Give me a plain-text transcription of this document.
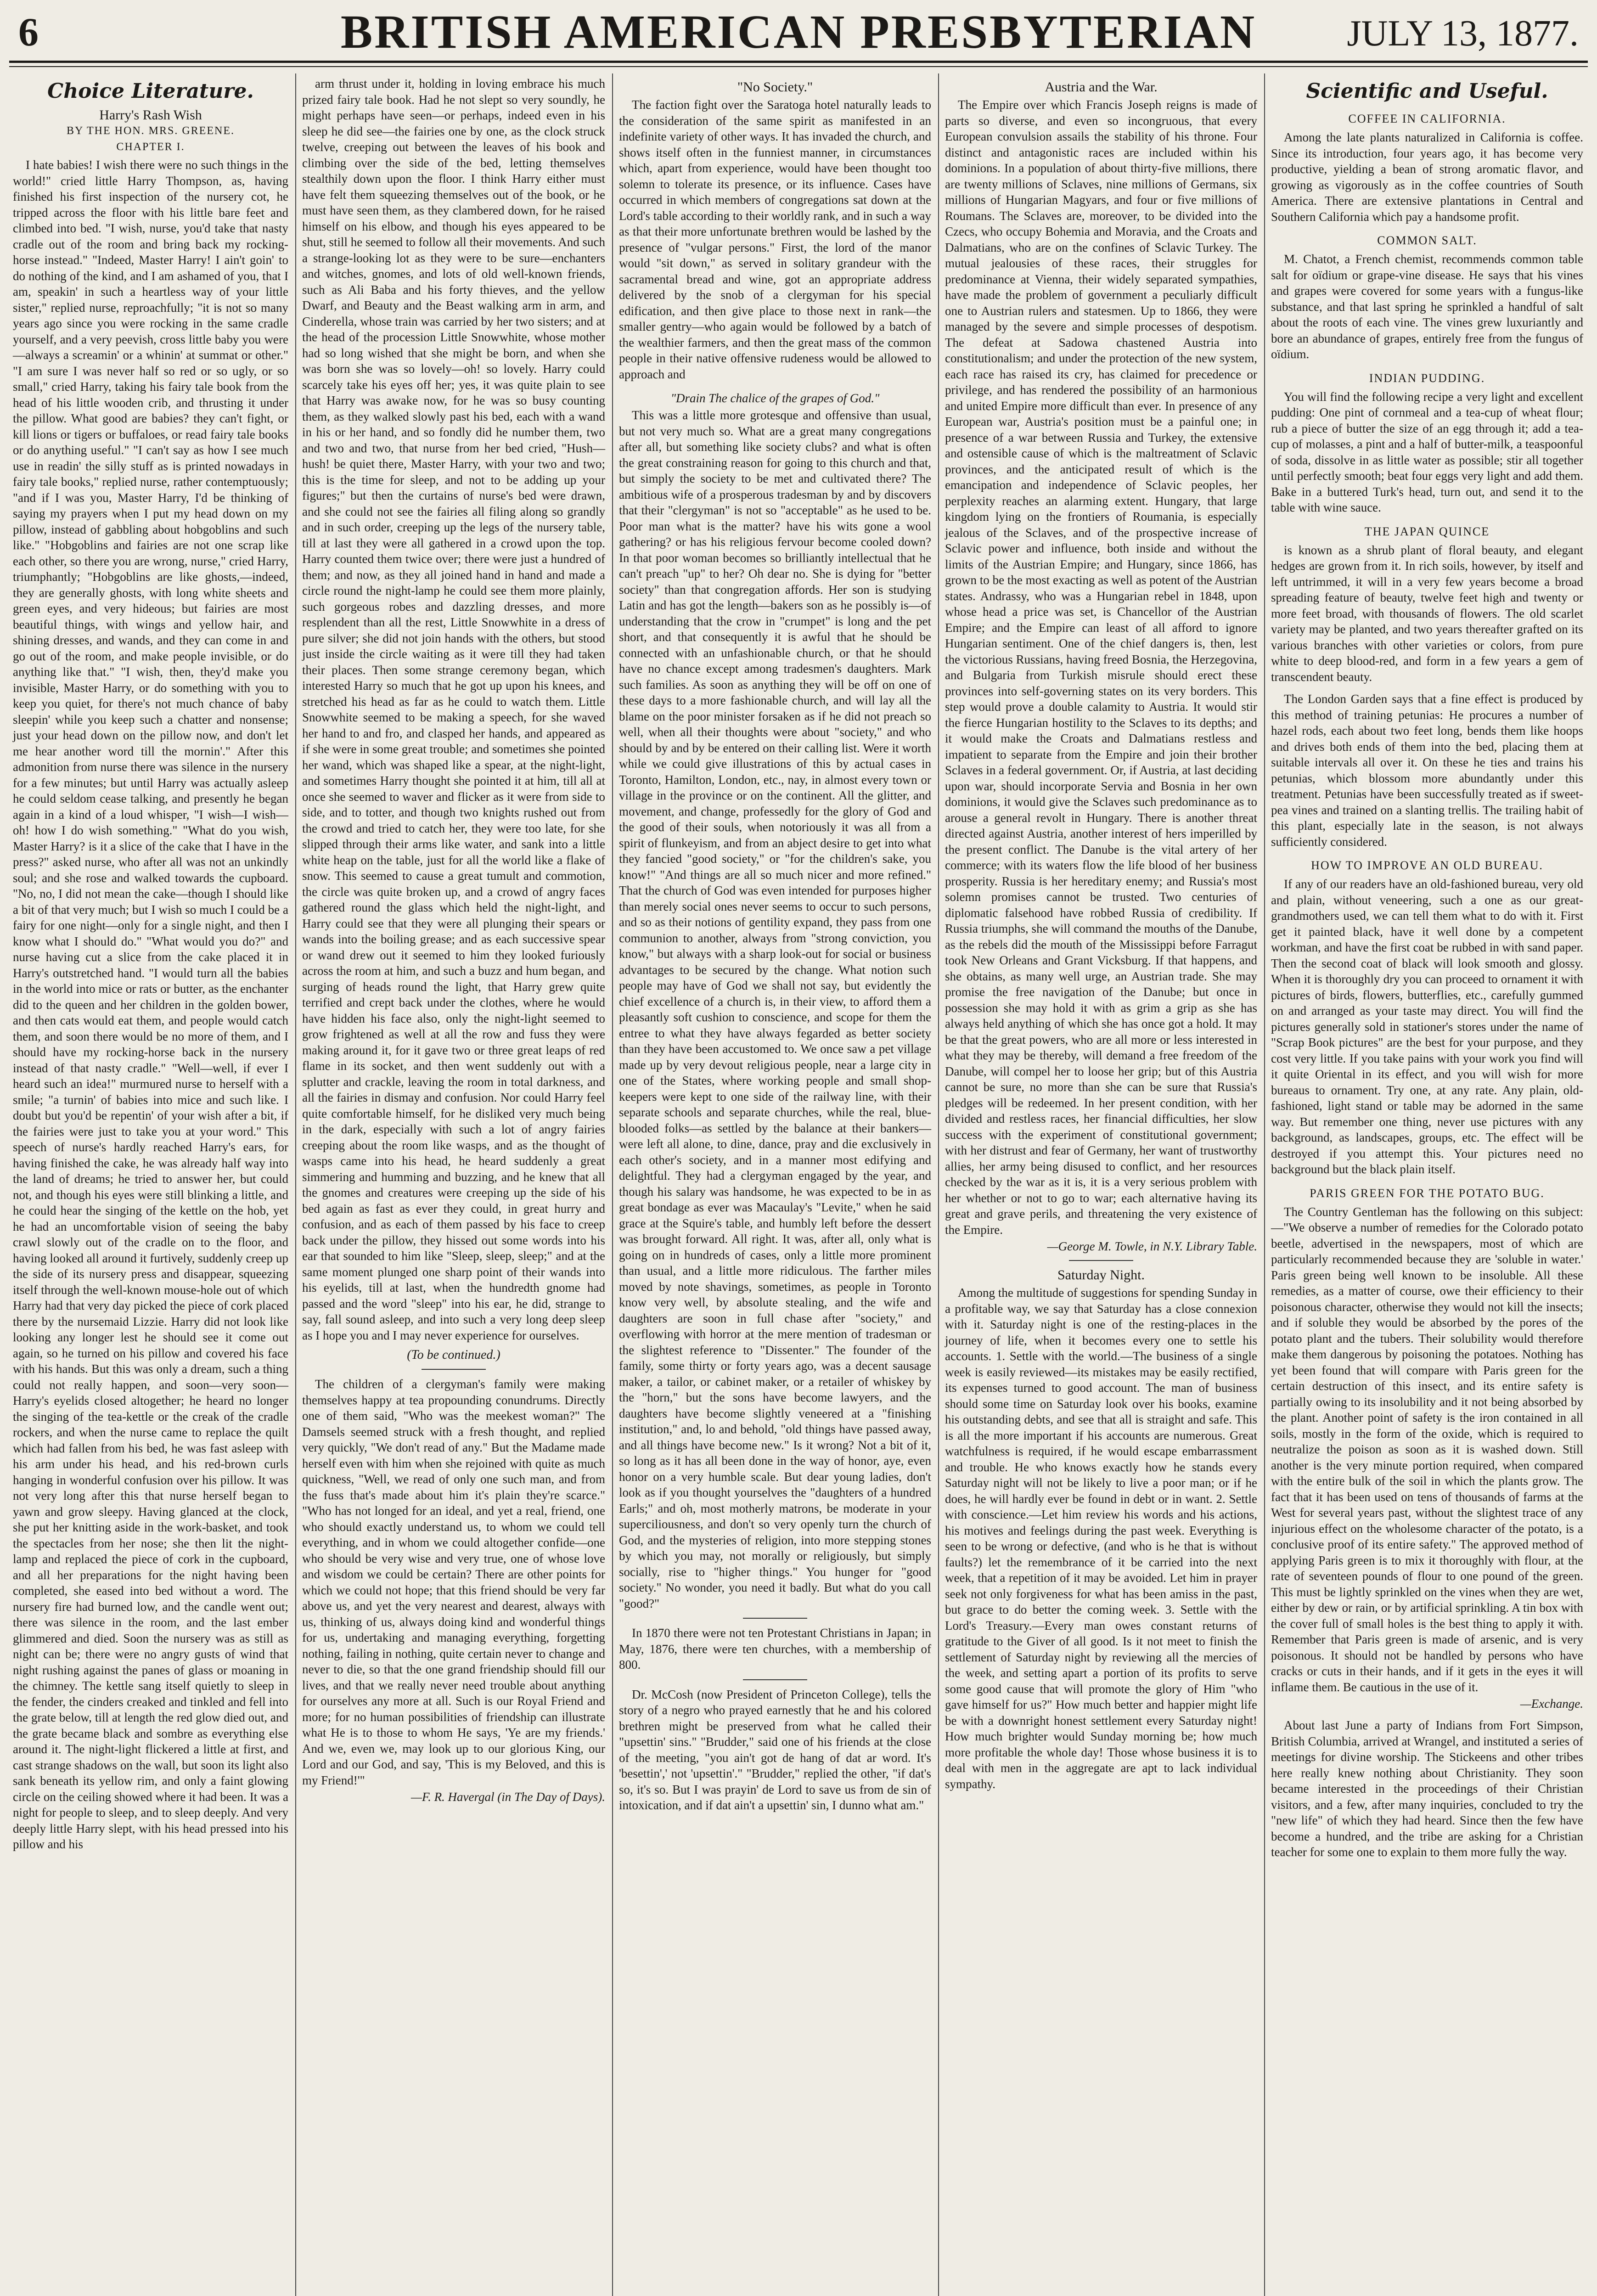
6	BRITISH AMERICAN PRESBYTERIAN	JULY 13, 1877.
Choice Literature.
Harry's Rash Wish
BY THE HON. MRS. GREENE.
CHAPTER I.

I hate babies! I wish there were no such things in the world!" cried little Harry Thompson, as, having finished his first inspection of the nursery cot, he tripped across the floor with his little bare feet and climbed into bed. "I wish, nurse, you'd take that nasty cradle out of the room and bring back my rocking-horse instead." "Indeed, Master Harry! I ain't goin' to do nothing of the kind, and I am ashamed of you, that I am, speakin' in such a heartless way of your little sister," replied nurse, reproachfully; "it is not so many years ago since you were rocking in the same cradle yourself, and a very peevish, cross little baby you were—always a screamin' or a whinin' at summat or other." "I am sure I was never half so red or so ugly, or so small," cried Harry, taking his fairy tale book from the head of his little wooden crib, and thrusting it under the pillow. What good are babies? they can't fight, or kill lions or tigers or buffaloes, or read fairy tale books or do anything useful." "I can't say as how I see much use in readin' the silly stuff as is printed nowadays in fairy tale books," replied nurse, rather contemptuously; "and if I was you, Master Harry, I'd be thinking of saying my prayers when I put my head down on my pillow, instead of gabbling about hobgoblins and such like." "Hobgoblins and fairies are not one scrap like each other, so there you are wrong, nurse," cried Harry, triumphantly; "Hobgoblins are like ghosts,—indeed, they are generally ghosts, with long white sheets and green eyes, and very hideous; but fairies are most beautiful things, with wings and yellow hair, and shining dresses, and wands, and they can come in and go out of the room, and make people invisible, or do anything like that." "I wish, then, they'd make you invisible, Master Harry, or do something with you to keep you quiet, for there's not much chance of baby sleepin' while you keep such a chatter and nonsense; just your head down on the pillow now, and don't let me hear another word till the mornin'." After this admonition from nurse there was silence in the nursery for a few minutes; but until Harry was actually asleep he could seldom cease talking, and presently he began again in a kind of a loud whisper, "I wish—I wish—oh! how I do wish something." "What do you wish, Master Harry? is it a slice of the cake that I have in the press?" asked nurse, who after all was not an unkindly soul; and she rose and walked towards the cupboard. "No, no, I did not mean the cake—though I should like a bit of that very much; but I wish so much I could be a fairy for one night—only for a single night, and then I know what I should do." "What would you do?" and nurse having cut a slice from the cake placed it in Harry's outstretched hand. "I would turn all the babies in the world into mice or rats or butter, as the enchanter did to the queen and her children in the golden bower, and then cats would eat them, and people would catch them, and soon there would be no more of them, and I should have my rocking-horse back in the nursery instead of that nasty cradle." "Well—well, if ever I heard such an idea!" murmured nurse to herself with a smile; "a turnin' of babies into mice and such like. I doubt but you'd be repentin' of your wish after a bit, if the fairies were just to take you at your word." This speech of nurse's hardly reached Harry's ears, for having finished the cake, he was already half way into the land of dreams; he tried to answer her, but could not, and though his eyes were still blinking a little, and he could hear the singing of the kettle on the hob, yet he had an uncomfortable vision of seeing the baby crawl slowly out of the cradle on to the floor, and having looked all around it furtively, suddenly creep up the side of its nursery press and disappear, squeezing itself through the well-known mouse-hole out of which Harry had that very day picked the piece of cork placed there by the nursemaid Lizzie. Harry did not look like looking any longer lest he should see it come out again, so he turned on his pillow and covered his face with his hands. But this was only a dream, such a thing could not really happen, and soon—very soon—Harry's eyelids closed altogether; he heard no longer the singing of the tea-kettle or the creak of the cradle rockers, and when the nurse came to replace the quilt which had fallen from his bed, he was fast asleep with his arm under his head, and his red-brown curls hanging in wonderful confusion over his pillow. It was not very long after this that nurse herself began to yawn and grow sleepy. Having glanced at the clock, she put her knitting aside in the work-basket, and took the spectacles from her nose; she then lit the night-lamp and replaced the piece of cork in the cupboard, and all her preparations for the night having been completed, she eased into bed without a word. The nursery fire had burned low, and the candle went out; there was silence in the room, and the last ember glimmered and died. Soon the nursery was as still as night can be; there were no angry gusts of wind that night rushing against the panes of glass or moaning in the chimney. The kettle sang itself quietly to sleep in the fender, the cinders creaked and tinkled and fell into the grate below, till at length the red glow died out, and the grate became black and sombre as everything else around it. The night-light flickered a little at first, and cast strange shadows on the wall, but soon its light also sank beneath its yellow rim, and only a faint glowing circle on the ceiling showed where it had been. It was a night for people to sleep, and to sleep deeply. And very deeply little Harry slept, with his head pressed into his pillow and his

arm thrust under it, holding in loving embrace his much prized fairy tale book. Had he not slept so very soundly, he might perhaps have seen—or perhaps, indeed even in his sleep he did see—the fairies one by one, as the clock struck twelve, creeping out between the leaves of his book and climbing over the side of the bed, letting themselves stealthily down upon the floor. I think Harry either must have felt them squeezing themselves out of the book, or he must have seen them, as they clambered down, for he raised himself on his elbow, and though his eyes appeared to be shut, still he seemed to follow all their movements. And such a strange-looking lot as they were to be sure—enchanters and witches, gnomes, and lots of old well-known friends, such as Ali Baba and his forty thieves, and the yellow Dwarf, and Beauty and the Beast walking arm in arm, and Cinderella, whose train was carried by her two sisters; and at the head of the procession Little Snowwhite, whose mother had so long wished that she might be born, and when she was born she was so lovely—oh! so lovely. Harry could scarcely take his eyes off her; yes, it was quite plain to see that Harry was awake now, for he was so busy counting them, as they walked slowly past his bed, each with a wand in his or her hand, and so fondly did he number them, two and two and two, that nurse from her bed cried, "Hush—hush! be quiet there, Master Harry, with your two and two; this is the time for sleep, and not to be adding up your figures;" but then the curtains of nurse's bed were drawn, and she could not see the fairies all filing along so grandly and in such order, creeping up the legs of the nursery table, till at last they were all gathered in a crowd upon the top. Harry counted them twice over; there were just a hundred of them; and now, as they all joined hand in hand and made a circle round the night-lamp he could see them more plainly, such gorgeous robes and dazzling dresses, and more resplendent than all the rest, Little Snowwhite in a dress of pure silver; she did not join hands with the others, but stood just inside the circle waiting as it were till they had taken their places. Then some strange ceremony began, which interested Harry so much that he got up upon his knees, and stretched his head as far as he could to watch them. Little Snowwhite seemed to be making a speech, for she waved her hand to and fro, and clasped her hands, and appeared as if she were in some great trouble; and sometimes she pointed her wand, which was shaped like a spear, at the night-light, and sometimes Harry thought she pointed it at him, till all at once she seemed to waver and flicker as it were from side to side, and to totter, and though two knights rushed out from the crowd and tried to catch her, they were too late, for she slipped through their arms like water, and sank into a little white heap on the table, just for all the world like a flake of snow. This seemed to cause a great tumult and commotion, the circle was quite broken up, and a crowd of angry faces gathered round the glass which held the night-light, and Harry could see that they were all plunging their spears or wands into the boiling grease; and as each successive spear or wand drew out it seemed to him they looked furiously across the room at him, and such a buzz and hum began, and surging of heads round the light, that Harry grew quite terrified and crept back under the clothes, where he would have hidden his face also, only the night-light seemed to grow frightened as well at all the row and fuss they were making around it, for it gave two or three great leaps of red flame in its socket, and then went suddenly out with a splutter and crackle, leaving the room in total darkness, and all the fairies in dismay and confusion. Nor could Harry feel quite comfortable himself, for he disliked very much being in the dark, especially with such a lot of angry fairies creeping about the room like wasps, and as the thought of wasps came into his head, he heard suddenly a great simmering and humming and buzzing, and he knew that all the gnomes and creatures were creeping up the side of his bed again as fast as ever they could, in great hurry and confusion, and as each of them passed by his face to creep back under the pillow, they hissed out some words into his ear that sounded to him like "Sleep, sleep, sleep;" and at the same moment plunged one sharp point of their wands into his eyelids, till at last, when the hundredth gnome had passed and the word "sleep" into his ear, he did, strange to say, fall sound asleep, and into such a very long deep sleep as I hope you and I may never experience for ourselves.

(To be continued.)

The children of a clergyman's family were making themselves happy at tea propounding conundrums. Directly one of them said, "Who was the meekest woman?" The Damsels seemed struck with a fresh thought, and replied very quickly, "We don't read of any." But the Madame made herself even with him when she rejoined with quite as much quickness, "Well, we read of only one such man, and from the fuss that's made about him it's plain they're scarce." "Who has not longed for an ideal, and yet a real, friend, one who should exactly understand us, to whom we could tell everything, and in whom we could altogether confide—one who should be very wise and very true, one of whose love and wisdom we could be certain? There are other points for which we could not hope; that this friend should be very far above us, and yet the very nearest and dearest, always with us, thinking of us, always doing kind and wonderful things for us, undertaking and managing everything, forgetting nothing, failing in nothing, quite certain never to change and never to die, so that the one grand friendship should fill our lives, and that we really never need trouble about anything for ourselves any more at all. Such is our Royal Friend and more; for no human possibilities of friendship can illustrate what He is to those to whom He says, 'Ye are my friends.' And we, even we, may look up to our glorious King, our Lord and our God, and say, 'This is my Beloved, and this is my Friend!'"

—F. R. Havergal (in The Day of Days).
"No Society."

The faction fight over the Saratoga hotel naturally leads to the consideration of the same spirit as manifested in an indefinite variety of other ways. It has invaded the church, and shows itself often in the funniest manner, in circumstances which, apart from experience, would have been thought too solemn to tolerate its presence, or its influence. Cases have occurred in which members of congregations sat down at the Lord's table according to their worldly rank, and in such a way as that their more unfortunate brethren would be lashed by the presence of "vulgar persons." First, the lord of the manor would "sit down," as served in solitary grandeur with the sacramental bread and wine, got an appropriate address delivered by the snob of a clergyman for his special edification, and then give place to those next in rank—the smaller gentry—who again would be followed by a batch of the wealthier farmers, and then the great mass of the common people in their native offensive rudeness would be allowed to approach and

"Drain The chalice of the grapes of God."

This was a little more grotesque and offensive than usual, but not very much so. What are a great many congregations after all, but something like society clubs? and what is often the great constraining reason for going to this church and that, but simply the society to be met and cultivated there? The ambitious wife of a prosperous tradesman by and by discovers that their "clergyman" is not so "acceptable" as he used to be. Poor man what is the matter? have his wits gone a wool gathering? or has his religious fervour become cooled down? In that poor woman becomes so brilliantly intellectual that he can't preach "up" to her? Oh dear no. She is dying for "better society" than that congregation affords. Her son is studying Latin and has got the length—bakers son as he possibly is—of understanding that the crow in "crumpet" is long and the pet short, and that consequently it is awful that he should be connected with an unfashionable church, or that he should have no chance except among tradesmen's daughters. Mark such families. As soon as anything they will be off on one of these days to a more fashionable church, and will lay all the blame on the poor minister forsaken as if he did not preach so well, when all their thoughts were about "society," and who should by and by be entered on their calling list. Were it worth while we could give illustrations of this by actual cases in Toronto, Hamilton, London, etc., nay, in almost every town or village in the province or on the continent. All the glitter, and movement, and change, professedly for the glory of God and the good of their souls, when notoriously it was all from a spirit of flunkeyism, and from an abject desire to get into what they fancied "good society," or "for the children's sake, you know!" "And things are all so much nicer and more refined." That the church of God was even intended for purposes higher than merely social ones never seems to occur to such persons, and so as their notions of gentility expand, they pass from one communion to another, always from "strong conviction, you know," but always with a sharp look-out for social or business advantages to be secured by the change. What notion such people may have of God we shall not say, but evidently the chief excellence of a church is, in their view, to afford them a pleasantly soft cushion to conscience, and scope for them the entree to what they have always fegarded as better society than they have been accustomed to. We once saw a pet village made up by very devout religious people, near a large city in one of the States, where working people and small shop-keepers were kept to one side of the railway line, with their separate schools and separate churches, while the real, blue-blooded folks—as settled by the balance at their bankers—were left all alone, to dine, dance, pray and die exclusively in each other's society, and in a manner most edifying and delightful. They had a clergyman engaged by the year, and though his salary was handsome, he was expected to be in as great bondage as ever was Macaulay's "Levite," when he said grace at the Squire's table, and humbly left before the dessert was brought forward. All right. It was, after all, only what is going on in hundreds of cases, only a little more prominent than usual, and a little more ridiculous. The farther miles moved by note shavings, sometimes, as people in Toronto know very well, by absolute stealing, and the wife and daughters are soon in full chase after "society," and overflowing with horror at the mere mention of tradesman or the slightest reference to "Dissenter." The founder of the family, some thirty or forty years ago, was a decent sausage maker, a tailor, or cabinet maker, or a retailer of whiskey by the "horn," but the sons have become lawyers, and the daughters have become slightly veneered at a "finishing institution," and, lo and behold, "old things have passed away, and all things have become new." Is it wrong? Not a bit of it, so long as it has all been done in the way of honor, aye, even honor on a very humble scale. But dear young ladies, don't look as if you thought yourselves the "daughters of a hundred Earls;" and oh, most motherly matrons, be moderate in your superciliousness, and don't so very openly turn the church of God, and the mysteries of religion, into more stepping stones by which you may, not morally or religiously, but simply socially, rise to "higher things." You hunger for "good society." No wonder, you need it badly. But what do you call "good?"

In 1870 there were not ten Protestant Christians in Japan; in May, 1876, there were ten churches, with a membership of 800.

Dr. McCosh (now President of Princeton College), tells the story of a negro who prayed earnestly that he and his colored brethren might be preserved from what he called their "upsettin' sins." "Brudder," said one of his friends at the close of the meeting, "you ain't got de hang of dat ar word. It's 'besettin',' not 'upsettin'." "Brudder," replied the other, "if dat's so, it's so. But I was prayin' de Lord to save us from de sin of intoxication, and if dat ain't a upsettin' sin, I dunno what am."

Austria and the War.

The Empire over which Francis Joseph reigns is made of parts so diverse, and even so incongruous, that every European convulsion assails the stability of his throne. Four distinct and antagonistic races are included within his dominions. In a population of about thirty-five millions, there are twenty millions of Sclaves, nine millions of Germans, six millions of Hungarian Magyars, and four or five millions of Roumans. The Sclaves are, moreover, to be divided into the Czecs, who occupy Bohemia and Moravia, and the Croats and Dalmatians, who are on the confines of Sclavic Turkey. The mutual jealousies of these races, their struggles for predominance at Vienna, their widely separated sympathies, have made the problem of government a peculiarly difficult one to Austrian rulers and statesmen. Up to 1866, they were managed by the severe and simple processes of despotism. The defeat at Sadowa chastened Austria into constitutionalism; and under the protection of the new system, each race has raised its cry, has claimed for precedence or privilege, and has rendered the possibility of an harmonious and united Empire more difficult than ever. In presence of any European war, Austria's position must be a painful one; in presence of a war between Russia and Turkey, the extensive and ostensible cause of which is the maltreatment of Sclavic provinces, and the anticipated result of which is the emancipation and independence of Sclavic peoples, her perplexity reaches an alarming extent. Hungary, that large kingdom lying on the frontiers of Roumania, is especially jealous of the Sclaves, and of the prospective increase of Sclavic power and influence, both inside and without the limits of the Austrian Empire; and Hungary, since 1866, has grown to be the most exacting as well as potent of the Austrian states. Andrassy, who was a Hungarian rebel in 1848, upon whose head a price was set, is Chancellor of the Austrian Empire; and the Empire can least of all afford to ignore Hungarian sentiment. One of the chief dangers is, then, lest the victorious Russians, having freed Bosnia, the Herzegovina, and Bulgaria from Turkish misrule should erect these provinces into self-governing states on its very borders. This step would prove a double calamity to Austria. It would stir the fierce Hungarian hostility to the Sclaves to its depths; and it would make the Croats and Dalmatians restless and impatient to separate from the Empire and join their brother Sclaves in a federal government. Or, if Austria, at last deciding upon war, should incorporate Servia and Bosnia in her own dominions, it would give the Sclaves such predominance as to arouse a general revolt in Hungary. There is another threat directed against Austria, another interest of hers imperilled by the present conflict. The Danube is the vital artery of her commerce; with its waters flow the life blood of her business prosperity. Russia is her hereditary enemy; and Russia's most solemn promises cannot be trusted. Two centuries of diplomatic falsehood have robbed Russia of credibility. If Russia triumphs, she will command the mouths of the Danube, as the rebels did the mouth of the Mississippi before Farragut took New Orleans and Grant Vicksburg. If that happens, and she obtains, as many well urge, an Austrian trade. She may promise the free navigation of the Danube; but once in possession she may hold it with as grim a grip as she has always held anything of which she has once got a hold. It may be that the great powers, who are all more or less interested in what they may be thereby, will demand a free freedom of the Danube, will compel her to loose her grip; but of this Austria cannot be sure, no more than she can be sure that Russia's pledges will be redeemed. In her present condition, with her divided and restless races, her financial difficulties, her slow success with the experiment of constitutional government; with her distrust and fear of Germany, her want of trustworthy allies, her army being disused to conflict, and her resources checked by the war as it is, it is a very serious problem with her whether or not to go to war; each alternative having its great and grave perils, and threatening the very existence of the Empire.

—George M. Towle, in N.Y. Library Table.
Saturday Night.

Among the multitude of suggestions for spending Sunday in a profitable way, we say that Saturday has a close connexion with it. Saturday night is one of the resting-places in the journey of life, when it becomes every one to settle his accounts. 1. Settle with the world.—The business of a single week is easily reviewed—its mistakes may be easily rectified, its expenses turned to good account. The man of business should some time on Saturday look over his books, examine his outstanding debts, and see that all is straight and safe. This is all the more important if his accounts are numerous. Great watchfulness is required, if he would escape embarrassment and trouble. He who knows exactly how he stands every Saturday night will not be likely to live a poor man; or if he does, he will hardly ever be found in debt or in want. 2. Settle with conscience.—Let him review his words and his actions, his motives and feelings during the past week. Everything is seen to be wrong or defective, (and who is he that is without faults?) let the remembrance of it be carried into the next week, that a repetition of it may be avoided. Let him in prayer seek not only forgiveness for what has been amiss in the past, but grace to do better the coming week. 3. Settle with the Lord's Treasury.—Every man owes constant returns of gratitude to the Giver of all good. Is it not meet to finish the settlement of Saturday night by reviewing all the mercies of the week, and setting apart a portion of its profits to serve some good cause that will promote the glory of Him "who gave himself for us?" How much better and happier might life be with a downright honest settlement every Saturday night! How much brighter would Sunday morning be; how much more profitable the whole day! Those whose business it is to deal with men in the aggregate are apt to lack individual sympathy.

Scientific and Useful.
COFFEE IN CALIFORNIA.

Among the late plants naturalized in California is coffee. Since its introduction, four years ago, it has become very productive, yielding a bean of strong aromatic flavor, and growing as vigorously as in the coffee countries of South America. There are extensive plantations in Central and Southern California which pay a handsome profit.

COMMON SALT.

M. Chatot, a French chemist, recommends common table salt for oïdium or grape-vine disease. He says that his vines and grapes were covered for some years with a fungus-like substance, and that last spring he sprinkled a handful of salt about the roots of each vine. The vines grew luxuriantly and bore an abundance of grapes, entirely free from the fungus of oïdium.

INDIAN PUDDING.

You will find the following recipe a very light and excellent pudding: One pint of cornmeal and a tea-cup of wheat flour; rub a piece of butter the size of an egg through it; add a tea-cup of molasses, a pint and a half of butter-milk, a teaspoonful of soda, dissolve in as little water as possible; stir all together until perfectly smooth; beat four eggs very light and add them. Bake in a buttered Turk's head, turn out, and send it to the table with wine sauce.

THE JAPAN QUINCE

is known as a shrub plant of floral beauty, and elegant hedges are grown from it. In rich soils, however, by itself and left untrimmed, it will in a very few years become a broad spreading feature of beauty, twelve feet high and twenty or more feet broad, with thousands of flowers. The old scarlet variety may be planted, and two years thereafter grafted on its various branches with other varieties or colors, from pure white to deep blood-red, and form in a few years a gem of transcendent beauty.

The London Garden says that a fine effect is produced by this method of training petunias: He procures a number of hazel rods, each about two feet long, bends them like hoops and drives both ends of them into the bed, placing them at suitable intervals all over it. On these he ties and trains his petunias, which blossom more abundantly under this treatment. Petunias have been successfully treated as if sweet-pea vines and trained on a slanting trellis. The trailing habit of this plant, especially late in the season, is not always sufficiently considered.

HOW TO IMPROVE AN OLD BUREAU.

If any of our readers have an old-fashioned bureau, very old and plain, without veneering, such a one as our great-grandmothers used, we can tell them what to do with it. First get it painted black, have it well done by a competent workman, and have the first coat be rubbed in with sand paper. Then the second coat of black will look smooth and glossy. When it is thoroughly dry you can proceed to ornament it with pictures of birds, flowers, butterflies, etc., carefully gummed on and arranged as your taste may direct. You will find the pictures generally sold in stationer's stores under the name of "Scrap Book pictures" are the best for your purpose, and they cost very little. If you take pains with your work you find will it quite Oriental in its effect, and you will wish for more bureaus to ornament. Try one, at any rate. Any plain, old-fashioned, light stand or table may be adorned in the same way. But remember one thing, never use pictures with any background, as landscapes, groups, etc. The effect will be destroyed if you attempt this. Your pictures need no background but the black plain itself.

PARIS GREEN FOR THE POTATO BUG.

The Country Gentleman has the following on this subject:—"We observe a number of remedies for the Colorado potato beetle, advertised in the newspapers, most of which are particularly recommended because they are 'soluble in water.' Paris green being well known to be insoluble. All these remedies, as a matter of course, owe their efficiency to their poisonous character, otherwise they would not kill the insects; and if soluble they would be absorbed by the pores of the potato plant and the tubers. Their solubility would therefore make them dangerous by poisoning the potatoes. Nothing has yet been found that will compare with Paris green for the certain destruction of this insect, and its entire safety is partially owing to its insolubility and it not being absorbed by the plant. Another point of safety is the iron contained in all soils, mostly in the form of the oxide, which is required to neutralize the poison as soon as it is washed down. Still another is the very minute portion required, when compared with the entire bulk of the soil in which the plants grow. The fact that it has been used on tens of thousands of farms at the West for several years past, without the slightest trace of any injurious effect on the wholesome character of the potato, is a conclusive proof of its entire safety." The approved method of applying Paris green is to mix it thoroughly with flour, at the rate of seventeen pounds of flour to one pound of the green. This must be lightly sprinkled on the vines when they are wet, either by dew or rain, or by artificial sprinkling. A tin box with the cover full of small holes is the best thing to apply it with. Remember that Paris green is made of arsenic, and is very poisonous. It should not be handled by persons who have cracks or cuts in their hands, and if it gets in the eyes it will inflame them. Be cautious in the use of it.

—Exchange.

About last June a party of Indians from Fort Simpson, British Columbia, arrived at Wrangel, and instituted a series of meetings for divine worship. The Stickeens and other tribes here really knew nothing about Christianity. They soon became interested in the proceedings of their Christian visitors, and a few, after many inquiries, concluded to try the "new life" of which they had heard. Since then the few have become a hundred, and the tribe are asking for a Christian teacher for some one to explain to them more fully the way.
